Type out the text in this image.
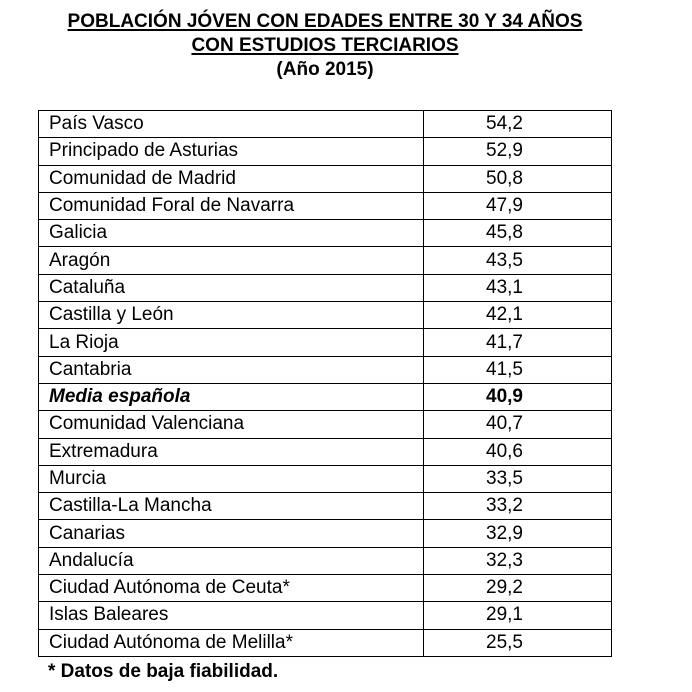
POBLACIÓN JÓVEN CON EDADES ENTRE 30 Y 34 AÑOS
CON ESTUDIOS TERCIARIOS
(Año 2015)
País Vasco	54,2
Principado de Asturias	52,9
Comunidad de Madrid	50,8
Comunidad Foral de Navarra	47,9
Galicia	45,8
Aragón	43,5
Cataluña	43,1
Castilla y León	42,1
La Rioja	41,7
Cantabria	41,5
Media española	40,9
Comunidad Valenciana	40,7
Extremadura	40,6
Murcia	33,5
Castilla-La Mancha	33,2
Canarias	32,9
Andalucía	32,3
Ciudad Autónoma de Ceuta*	29,2
Islas Baleares	29,1
Ciudad Autónoma de Melilla*	25,5
* Datos de baja fiabilidad.
